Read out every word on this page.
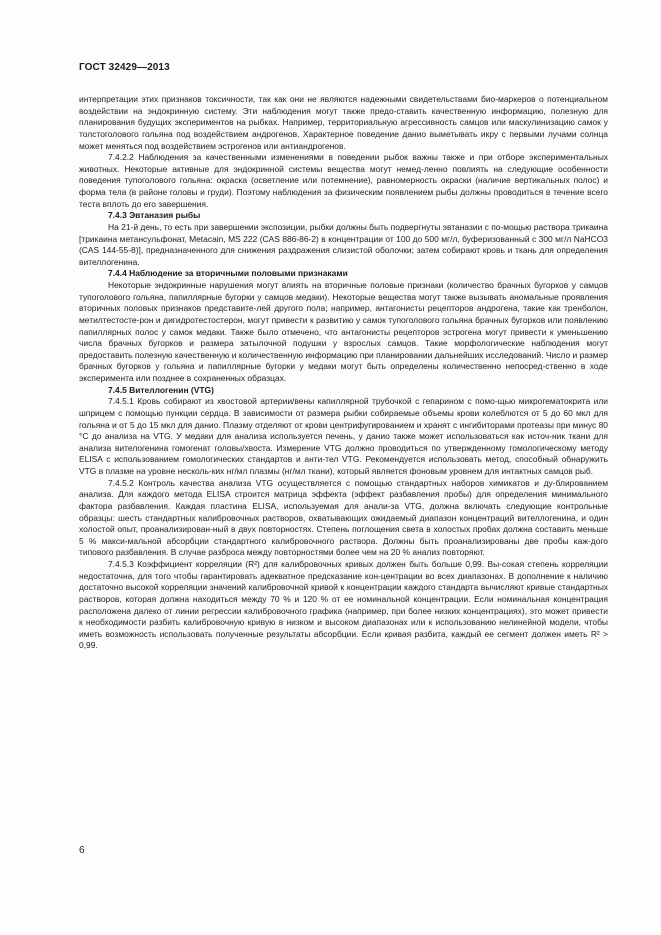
ГОСТ 32429—2013

интерпретации этих признаков токсичности, так как они не являются надежными свидетельствами био-маркеров о потенциальном воздействии на эндокринную систему. Эти наблюдения могут также предо-ставить качественную информацию, полезную для планирования будущих экспериментов на рыбках. Например, территориальную агрессивность самцов или маскулинизацию самок у толстоголового гольяна под воздействием андрогенов. Характерное поведение данио выметывать икру с первыми лучами солнца может меняться под воздействием эстрогенов или антиандрогенов.

7.4.2.2 Наблюдения за качественными изменениями в поведении рыбок важны также и при отборе экспериментальных животных. Некоторые активные для эндокринной системы вещества могут немед-ленно повлиять на следующие особенности поведения тупоголового гольяна: окраска (осветление или потемнение), равномерность окраски (наличие вертикальных полос) и форма тела (в районе головы и груди). Поэтому наблюдения за физическим появлением рыбы должны проводиться в течение всего теста вплоть до его завершения.

7.4.3 Эвтаназия рыбы

На 21-й день, то есть при завершении экспозиции, рыбки должны быть подвергнуты эвтаназии с по-мощью раствора трикаина [трикаина метансульфонат, Metacain, MS 222 (CAS 886-86-2) в концентрации от 100 до 500 мг/л, буферизованный с 300 мг/л NaHCO3 (CAS 144-55-8)], предназначенного для снижения раздражения слизистой оболочки; затем собирают кровь и ткань для определения вителлогенина.

7.4.4 Наблюдение за вторичными половыми признаками

Некоторые эндокринные нарушения могут влиять на вторичные половые признаки (количество брачных бугорков у самцов тупоголового гольяна, папиллярные бугорки у самцов медаки). Некоторые вещества могут также вызывать аномальные проявления вторичных половых признаков представите-лей другого пола; например, антагонисты рецепторов андрогена, такие как тренболон, метилтестосте-рон и дигидротестостерон, могут привести к развитию у самок тупоголового гольяна брачных бугорков или появлению папиллярных полос у самок медаки. Также было отмечено, что антагонисты рецепторов эстрогена могут привести к уменьшению числа брачных бугорков и размера затылочной подушки у взрослых самцов. Такие морфологические наблюдения могут предоставить полезную качественную и количественную информацию при планировании дальнейших исследований. Число и размер брачных бугорков у гольяна и папиллярные бугорки у медаки могут быть определены количественно непосред-ственно в ходе эксперимента или позднее в сохраненных образцах.

7.4.5 Вителлогенин (VTG)

7.4.5.1 Кровь собирают из хвостовой артерии/вены капиллярной трубочкой с гепарином с помо-щью микрогематокрита или шприцем с помощью пункции сердца. В зависимости от размера рыбки собираемые объемы крови колеблются от 5 до 60 мкл для гольяна и от 5 до 15 мкл для данио. Плазму отделяют от крови центрифугированием и хранят с ингибиторами протеазы при минус 80 °С до анализа на VTG. У медаки для анализа используется печень, у данио также может использоваться как источ-ник ткани для анализа вителогенина гомогенат головы/хвоста. Измерение VTG должно проводиться по утвержденному гомологическому методу ELISA с использованием гомологических стандартов и анти-тел VTG. Рекомендуется использовать метод, способный обнаружить VTG в плазме на уровне несколь-ких нг/мл плазмы (нг/мл ткани), который является фоновым уровнем для интактных самцов рыб.

7.4.5.2 Контроль качества анализа VTG осуществляется с помощью стандартных наборов химикатов и ду-блированием анализа. Для каждого метода ELISA строится матрица эффекта (эффект разбавления пробы) для определения минимального фактора разбавления. Каждая пластина ELISA, используемая для анали-за VTG, должна включать следующие контрольные образцы: шесть стандартных калибровочных растворов, охватывающих ожидаемый диапазон концентраций вителлогенина, и один холостой опыт, проанализирован-ный в двух повторностях. Степень поглощения света в холостых пробах должна составить меньше 5 % макси-мальной абсорбции стандартного калибровочного раствора. Должны быть проанализированы две пробы каж-дого типового разбавления. В случае разброса между повторностями более чем на 20 % анализ повторяют.

7.4.5.3 Коэффициент корреляции (R²) для калибровочных кривых должен быть больше 0,99. Вы-сокая степень корреляции недостаточна, для того чтобы гарантировать адекватное предсказание кон-центрации во всех диапазонах. В дополнение к наличию достаточно высокой корреляции значений калибровочной кривой к концентрации каждого стандарта вычисляют кривые стандартных растворов, которая должна находиться между 70 % и 120 % от ее номинальной концентрации. Если номинальная концентрация расположена далеко от линии регрессии калибровочного графика (например, при более низких концентрациях), это может привести к необходимости разбить калибровочную кривую в низком и высоком диапазонах или к использованию нелинейной модели, чтобы иметь возможность использовать полученные результаты абсорбции. Если кривая разбита, каждый ее сегмент должен иметь R² > 0,99.

6
